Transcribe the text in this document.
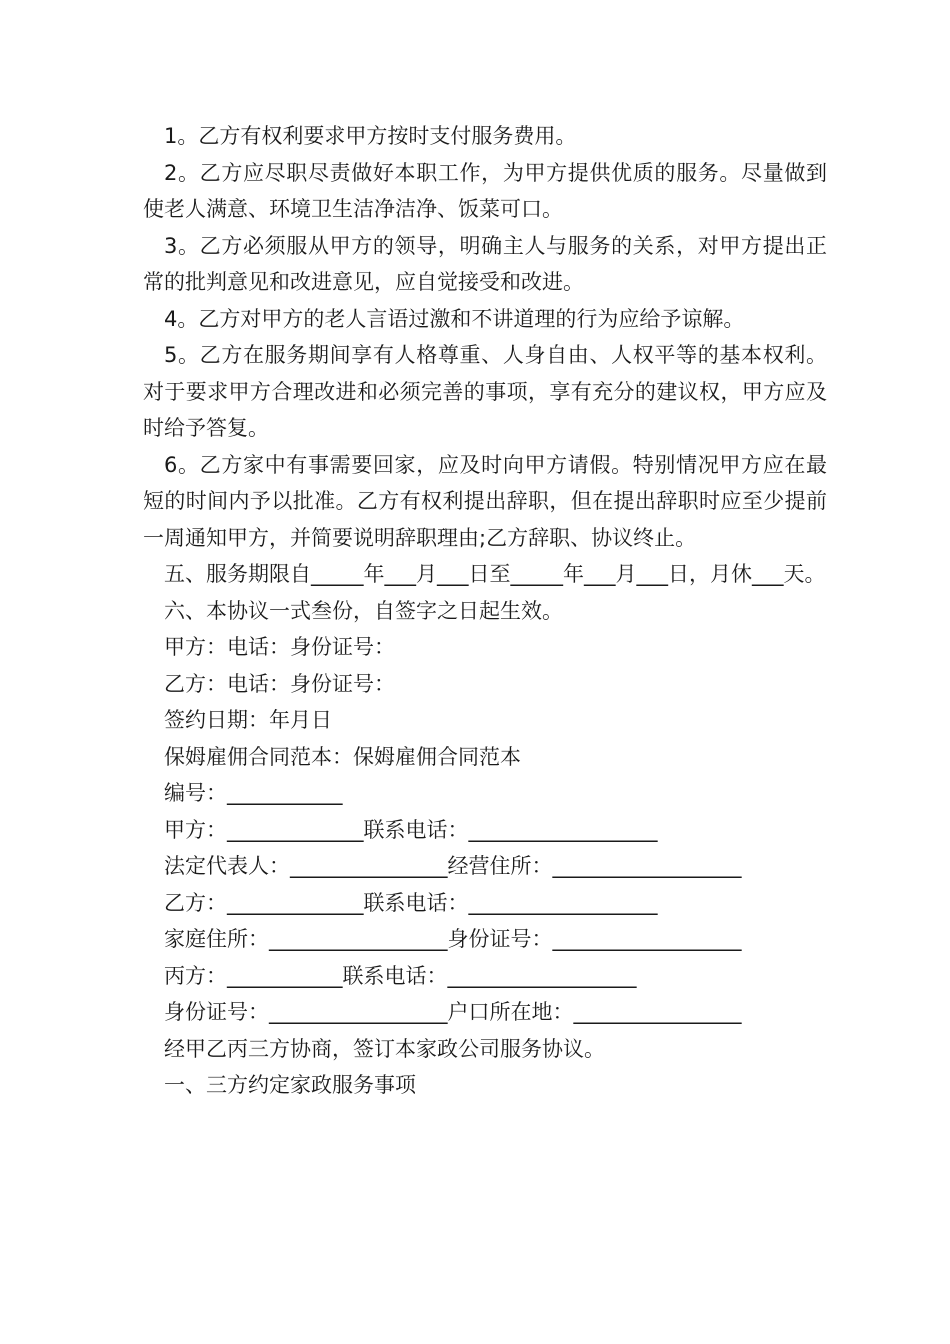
1。乙方有权利要求甲方按时支付服务费用。

2。乙方应尽职尽责做好本职工作，为甲方提供优质的服务。尽量做到使老人满意、环境卫生洁净洁净、饭菜可口。

3。乙方必须服从甲方的领导，明确主人与服务的关系，对甲方提出正常的批判意见和改进意见，应自觉接受和改进。

4。乙方对甲方的老人言语过激和不讲道理的行为应给予谅解。

5。乙方在服务期间享有人格尊重、人身自由、人权平等的基本权利。对于要求甲方合理改进和必须完善的事项，享有充分的建议权，甲方应及时给予答复。

6。乙方家中有事需要回家，应及时向甲方请假。特别情况甲方应在最短的时间内予以批准。乙方有权利提出辞职，但在提出辞职时应至少提前一周通知甲方，并简要说明辞职理由;乙方辞职、协议终止。

五、服务期限自_____年___月___日至_____年___月___日，月休___天。

六、本协议一式叁份，自签字之日起生效。

甲方：电话：身份证号：

乙方：电话：身份证号：

签约日期：年月日

保姆雇佣合同范本：保姆雇佣合同范本

编号：___________

甲方：_____________联系电话：__________________

法定代表人：_______________经营住所：__________________

乙方：_____________联系电话：__________________

家庭住所：_________________身份证号：__________________

丙方：___________联系电话：__________________

身份证号：_________________户口所在地：________________

经甲乙丙三方协商，签订本家政公司服务协议。

一、三方约定家政服务事项
